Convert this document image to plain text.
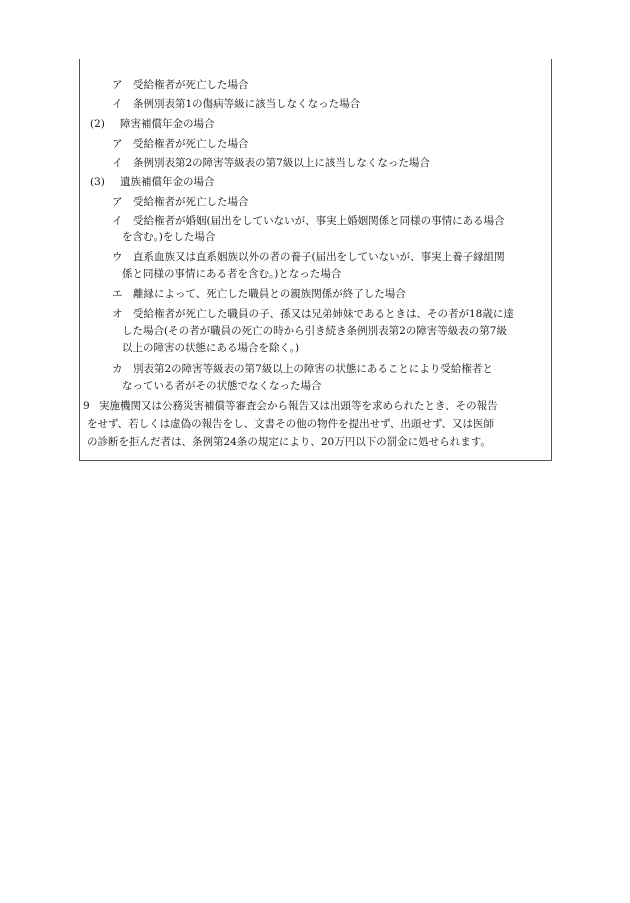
ア 受給権者が死亡した場合
イ 条例別表第1の傷病等級に該当しなくなった場合
(2) 障害補償年金の場合
ア 受給権者が死亡した場合
イ 条例別表第2の障害等級表の第7級以上に該当しなくなった場合
(3) 遺族補償年金の場合
ア 受給権者が死亡した場合
イ 受給権者が婚姻(届出をしていないが、事実上婚姻関係と同様の事情にある場合
を含む。)をした場合
ウ 直系血族又は直系姻族以外の者の養子(届出をしていないが、事実上養子縁組関
係と同様の事情にある者を含む。)となった場合
エ 離縁によって、死亡した職員との親族関係が終了した場合
オ 受給権者が死亡した職員の子、孫又は兄弟姉妹であるときは、その者が18歳に達
した場合(その者が職員の死亡の時から引き続き条例別表第2の障害等級表の第7級
以上の障害の状態にある場合を除く。)
カ 別表第2の障害等級表の第7級以上の障害の状態にあることにより受給権者と
なっている者がその状態でなくなった場合
9 実施機関又は公務災害補償等審査会から報告又は出頭等を求められたとき、その報告
をせず、若しくは虚偽の報告をし、文書その他の物件を提出せず、出頭せず、又は医師
の診断を拒んだ者は、条例第24条の規定により、20万円以下の罰金に処せられます。
